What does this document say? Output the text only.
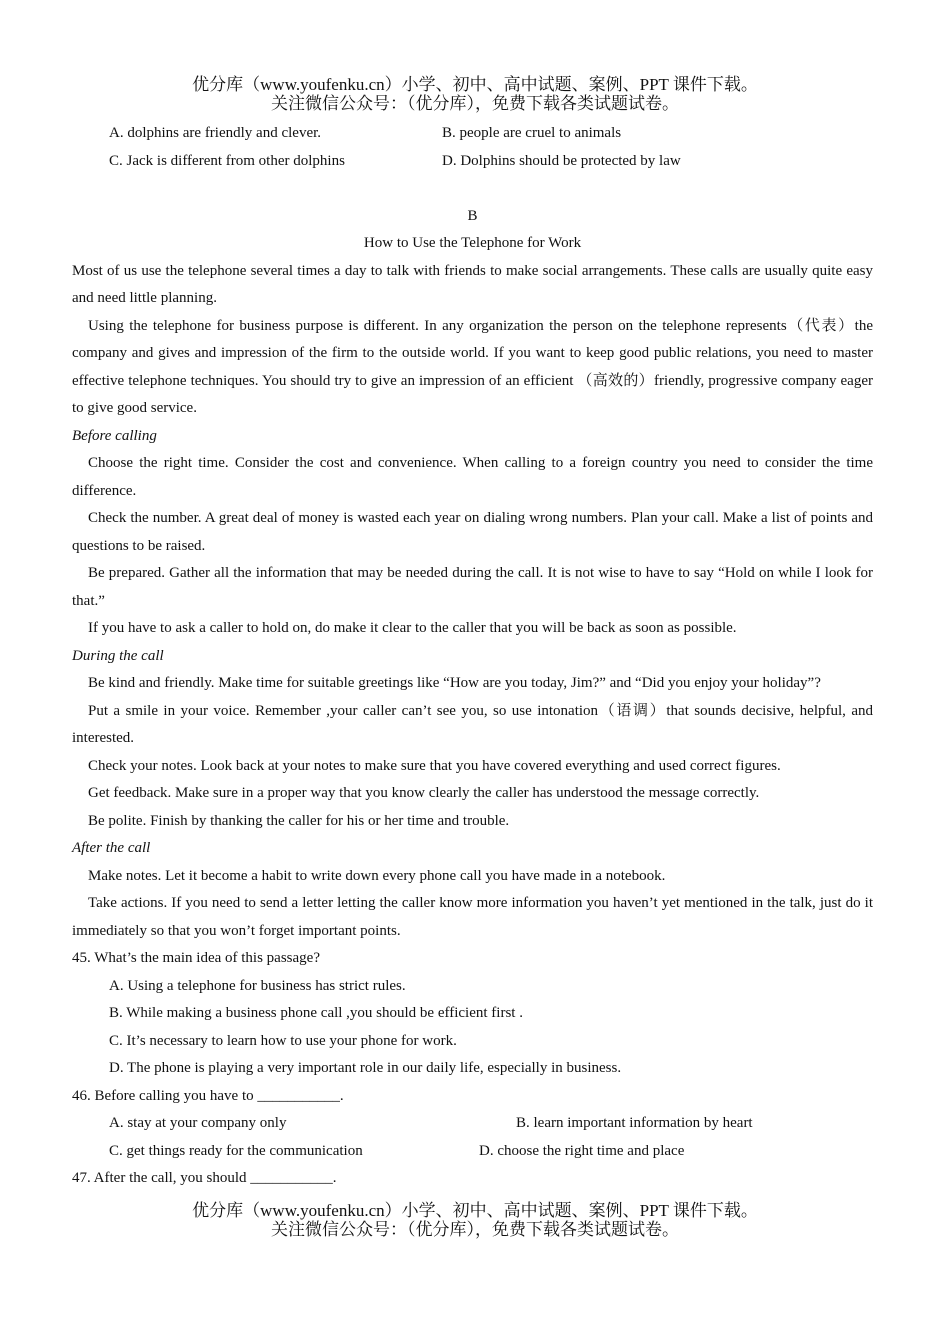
优分库（www.youfenku.cn）小学、初中、高中试题、案例、PPT 课件下载。
关注微信公众号：（优分库），免费下载各类试题试卷。
A. dolphins are friendly and clever.	B. people are cruel to animals
C. Jack is different from other dolphins	D. Dolphins should be protected by law
B
How to Use the Telephone for Work
Most of us use the telephone several times a day to talk with friends to make social arrangements. These calls are usually quite easy and need little planning.
Using the telephone for business purpose is different. In any organization the person on the telephone represents（代表）the company and gives and impression of the firm to the outside world. If you want to keep good public relations, you need to master effective telephone techniques. You should try to give an impression of an efficient （高效的）friendly, progressive company eager to give good service.
Before calling
Choose the right time. Consider the cost and convenience. When calling to a foreign country you need to consider the time difference.
Check the number. A great deal of money is wasted each year on dialing wrong numbers. Plan your call. Make a list of points and questions to be raised.
Be prepared. Gather all the information that may be needed during the call. It is not wise to have to say “Hold on while I look for that.”
If you have to ask a caller to hold on, do make it clear to the caller that you will be back as soon as possible.
During the call
Be kind and friendly. Make time for suitable greetings like “How are you today, Jim?” and “Did you enjoy your holiday”?
Put a smile in your voice. Remember ,your caller can’t see you, so use intonation（语调）that sounds decisive, helpful, and interested.
Check your notes. Look back at your notes to make sure that you have covered everything and used correct figures.
Get feedback. Make sure in a proper way that you know clearly the caller has understood the message correctly.
Be polite. Finish by thanking the caller for his or her time and trouble.
After the call
Make notes. Let it become a habit to write down every phone call you have made in a notebook.
Take actions. If you need to send a letter letting the caller know more information you haven’t yet mentioned in the talk, just do it immediately so that you won’t forget important points.
45. What’s the main idea of this passage?
A. Using a telephone for business has strict rules.
B. While making a business phone call ,you should be efficient first .
C. It’s necessary to learn how to use your phone for work.
D. The phone is playing a very important role in our daily life, especially in business.
46. Before calling you have to ___________.
A. stay at your company only	B. learn important information by heart
C. get things ready for the communication	D. choose the right time and place
47. After the call, you should ___________.
优分库（www.youfenku.cn）小学、初中、高中试题、案例、PPT 课件下载。
关注微信公众号：（优分库），免费下载各类试题试卷。
